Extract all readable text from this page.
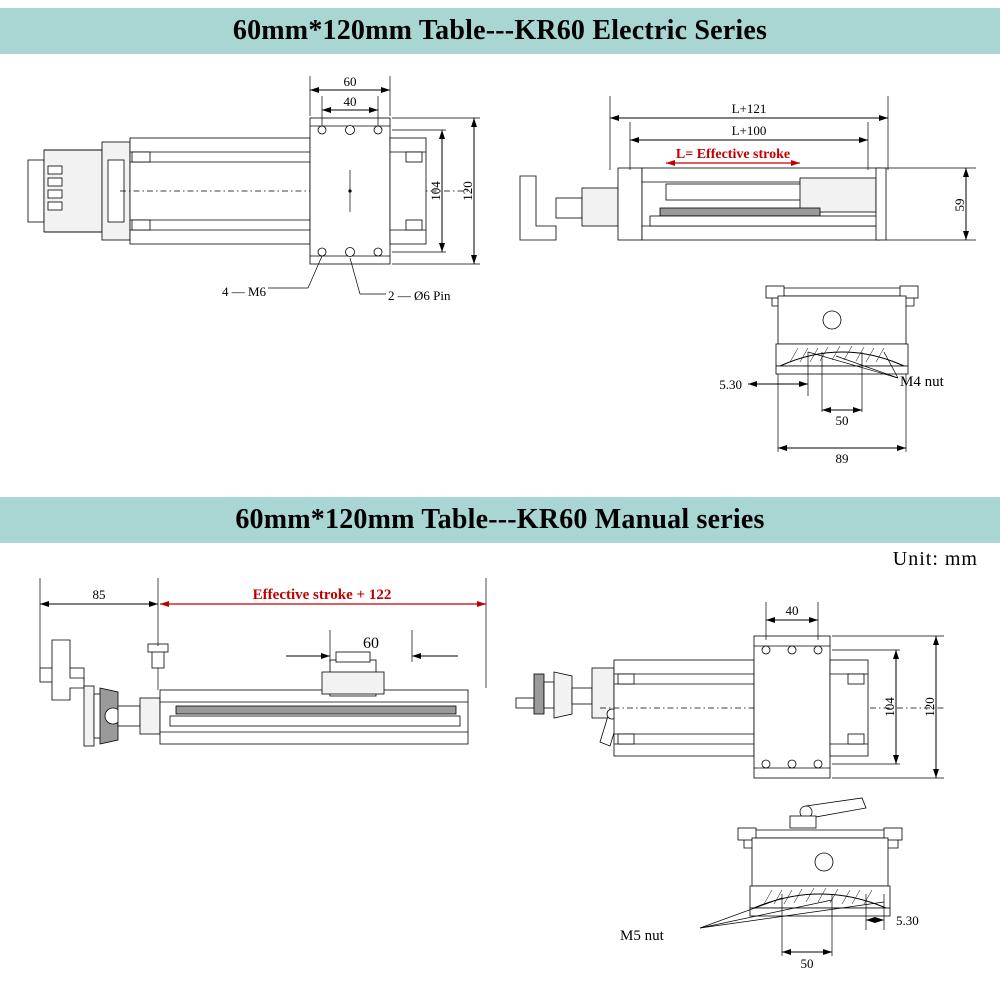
60mm*120mm Table---KR60 Electric Series
60mm*120mm Table---KR60 Manual series
Unit: mm
60
40
104 120
4 — M6	2 — Ø6 Pin
L+121
L+100
L= Effective stroke
59
5.30
50
89
M4 nut
85	Effective stroke + 122
60
40
104 120
M5 nut
5.30
50
